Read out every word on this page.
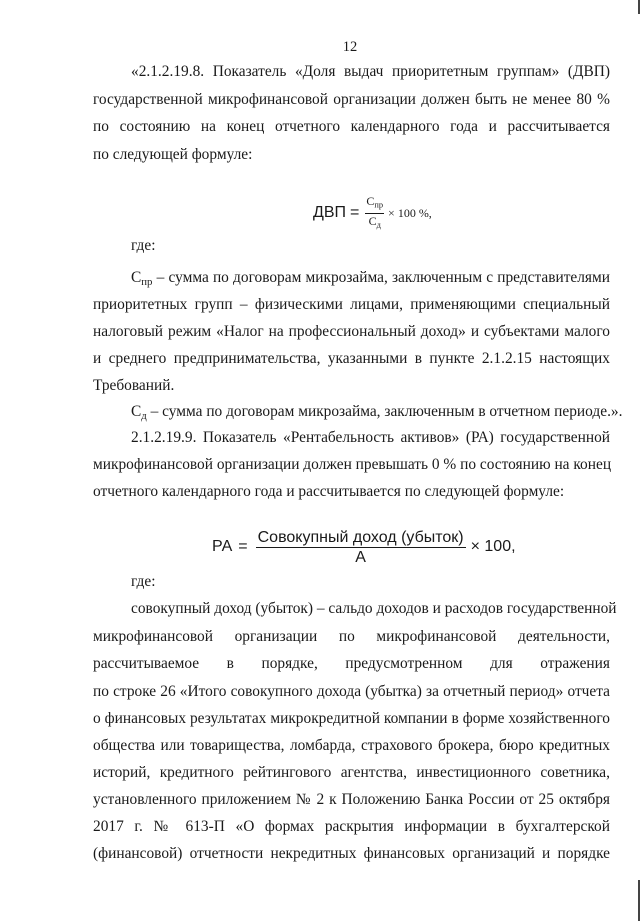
12
«2.1.2.19.8. Показатель «Доля выдач приоритетным группам» (ДВП)
государственной микрофинансовой организации должен быть не менее 80 %
по состоянию на конец отчетного календарного года и рассчитывается
по следующей формуле:
ДВП = $\frac{С_{пр}}{С_д} \times 100$ %,
где:
$С_{пр}$ – сумма по договорам микрозайма, заключенным с представителями
приоритетных групп – физическими лицами, применяющими специальный
налоговый режим «Налог на профессиональный доход» и субъектами малого
и среднего предпринимательства, указанными в пункте 2.1.2.15 настоящих
Требований.
$С_д$ – сумма по договорам микрозайма, заключенным в отчетном периоде.».
2.1.2.19.9. Показатель «Рентабельность активов» (РА) государственной
микрофинансовой организации должен превышать 0 % по состоянию на конец
отчетного календарного года и рассчитывается по следующей формуле:
РА = $\frac{\text{Совокупный доход (убыток)}}{А} \times 100$,
где:
совокупный доход (убыток) – сальдо доходов и расходов государственной
микрофинансовой организации по микрофинансовой деятельности,
рассчитываемое в порядке, предусмотренном для отражения
по строке 26 «Итого совокупного дохода (убытка) за отчетный период» отчета
о финансовых результатах микрокредитной компании в форме хозяйственного
общества или товарищества, ломбарда, страхового брокера, бюро кредитных
историй, кредитного рейтингового агентства, инвестиционного советника,
установленного приложением № 2 к Положению Банка России от 25 октября
2017 г. № 613-П «О формах раскрытия информации в бухгалтерской
(финансовой) отчетности некредитных финансовых организаций и порядке
